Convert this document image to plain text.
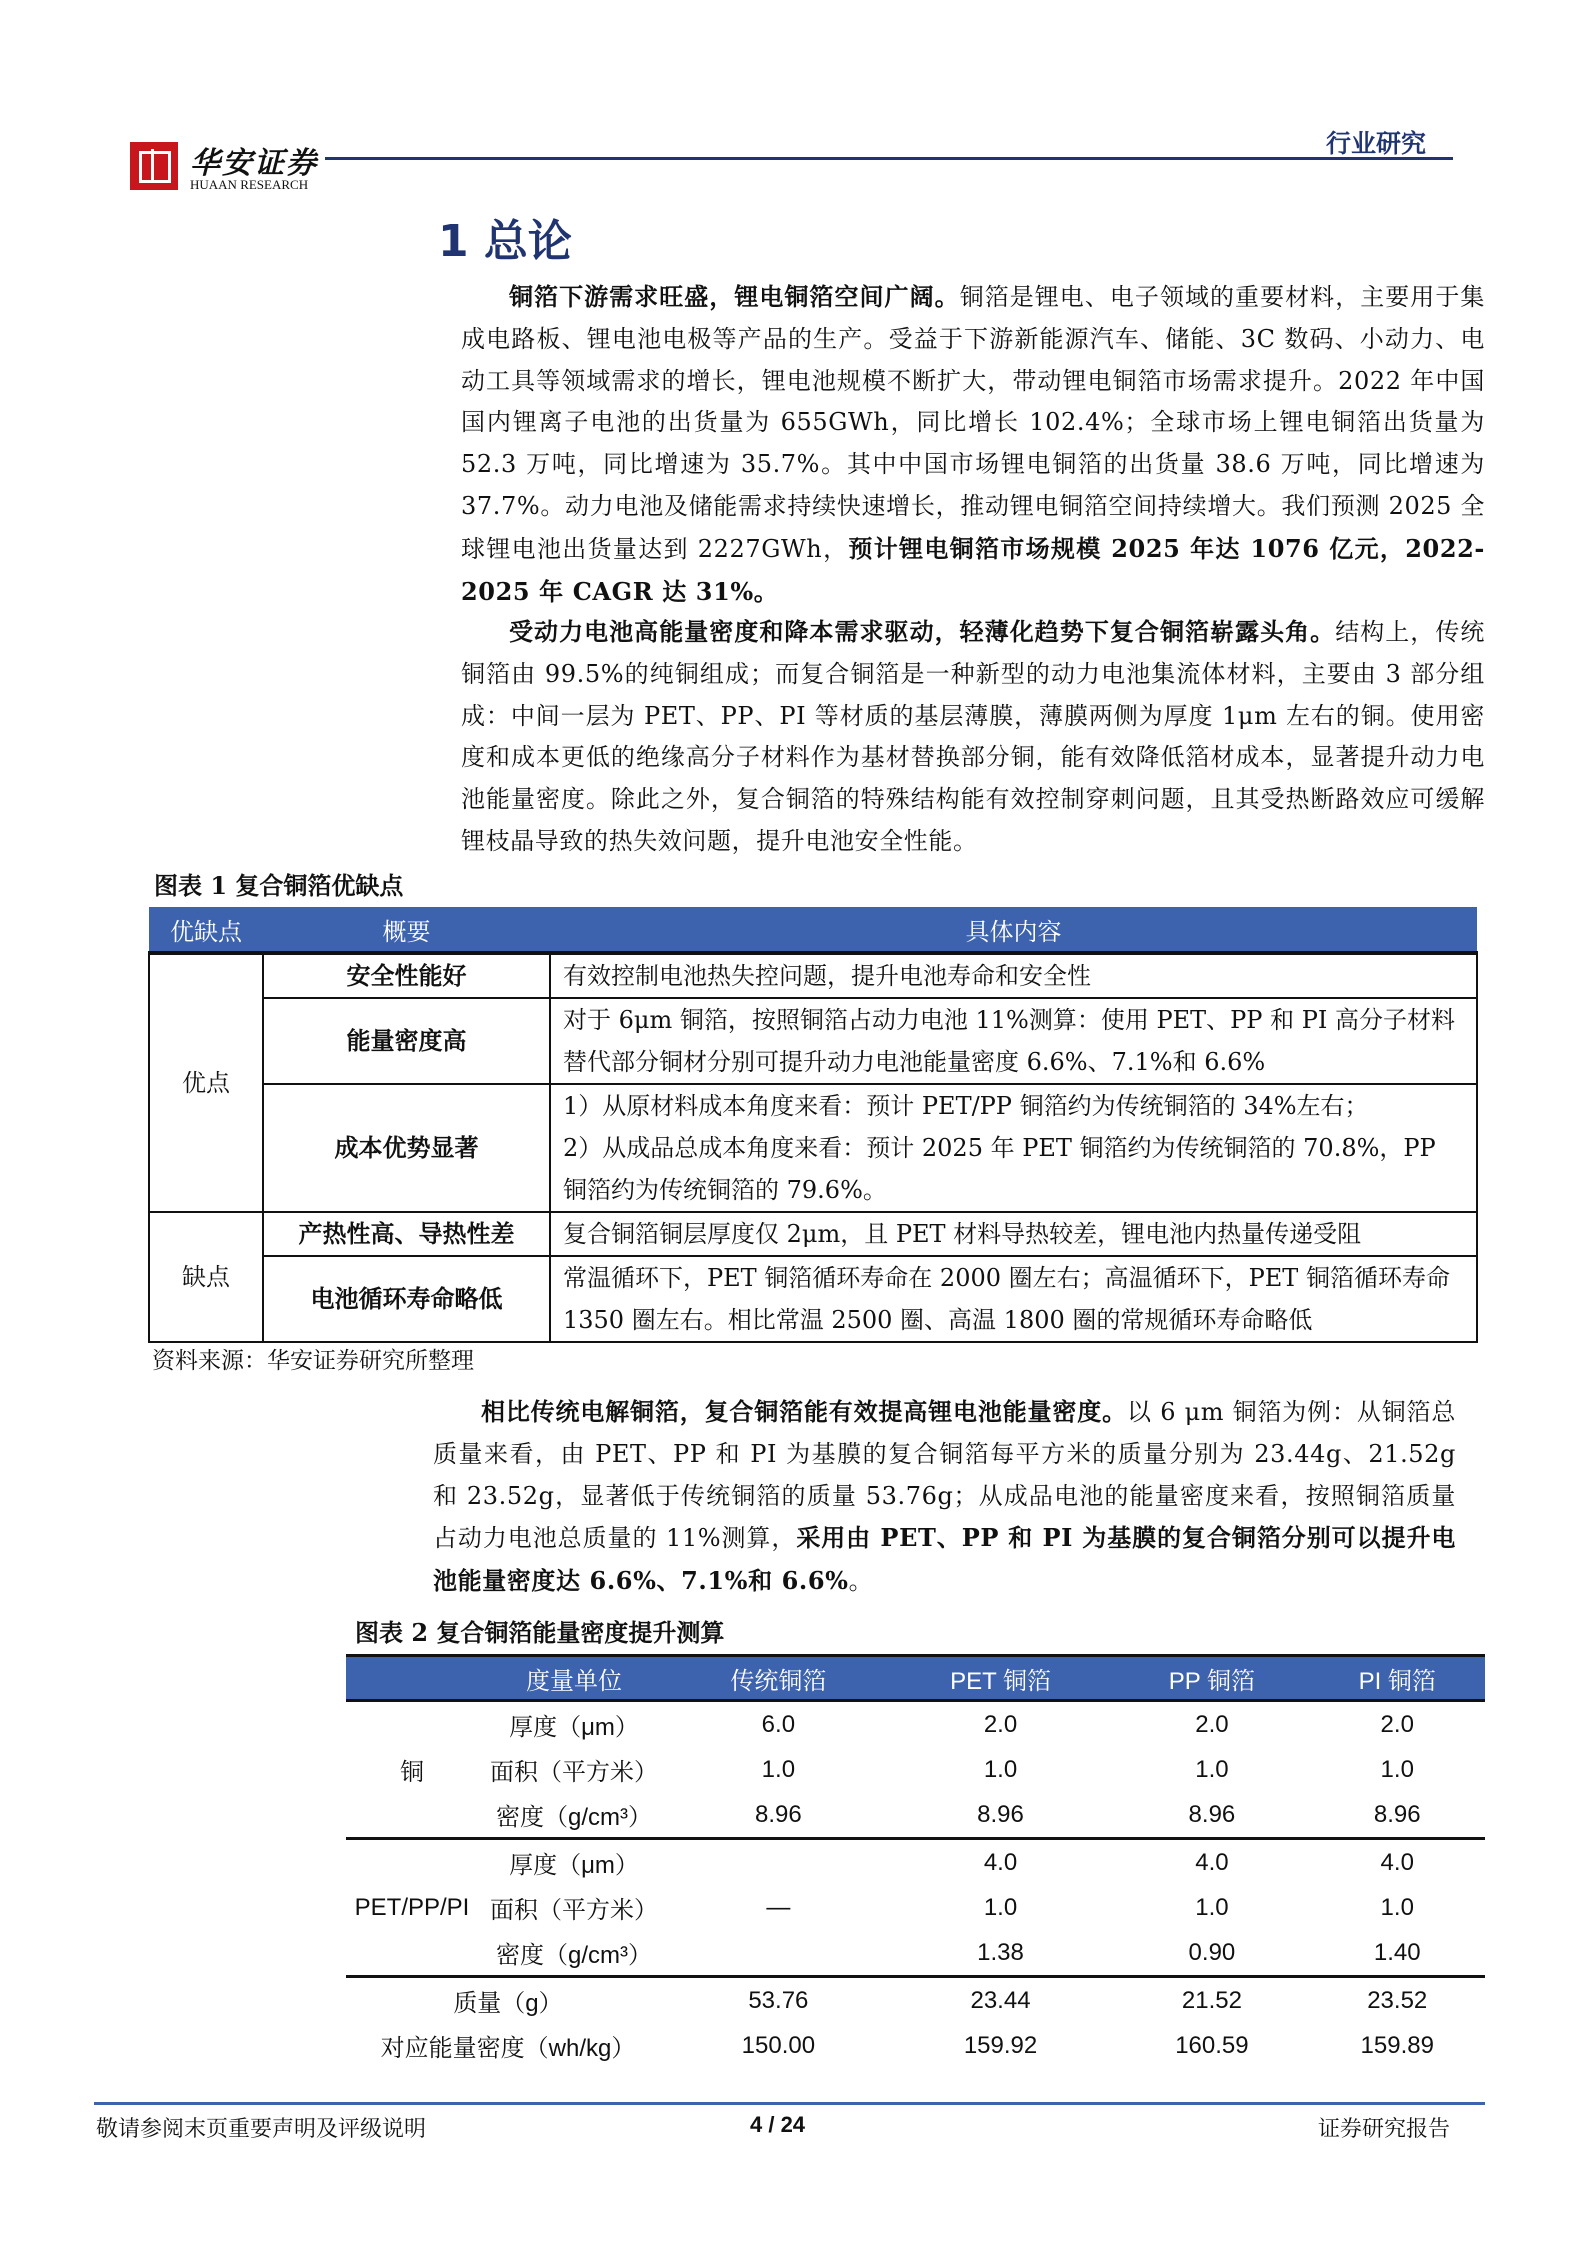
华安证券
HUAAN RESEARCH
行业研究
1 总论
铜箔下游需求旺盛，锂电铜箔空间广阔。铜箔是锂电、电子领域的重要材料，主要用于集成电路板、锂电池电极等产品的生产。受益于下游新能源汽车、储能、3C 数码、小动力、电动工具等领域需求的增长，锂电池规模不断扩大，带动锂电铜箔市场需求提升。2022 年中国国内锂离子电池的出货量为 655GWh，同比增长 102.4%；全球市场上锂电铜箔出货量为 52.3 万吨，同比增速为 35.7%。其中中国市场锂电铜箔的出货量 38.6 万吨，同比增速为 37.7%。动力电池及储能需求持续快速增长，推动锂电铜箔空间持续增大。我们预测 2025 全球锂电池出货量达到 2227GWh，预计锂电铜箔市场规模 2025 年达 1076 亿元，2022-2025 年 CAGR 达 31%。
受动力电池高能量密度和降本需求驱动，轻薄化趋势下复合铜箔崭露头角。结构上，传统铜箔由 99.5%的纯铜组成；而复合铜箔是一种新型的动力电池集流体材料，主要由 3 部分组成：中间一层为 PET、PP、PI 等材质的基层薄膜，薄膜两侧为厚度 1μm 左右的铜。使用密度和成本更低的绝缘高分子材料作为基材替换部分铜，能有效降低箔材成本，显著提升动力电池能量密度。除此之外，复合铜箔的特殊结构能有效控制穿刺问题，且其受热断路效应可缓解锂枝晶导致的热失效问题，提升电池安全性能。
图表 1 复合铜箔优缺点
优缺点	概要	具体内容
优点	安全性能好	有效控制电池热失控问题，提升电池寿命和安全性
	能量密度高	对于 6μm 铜箔，按照铜箔占动力电池 11%测算：使用 PET、PP 和 PI 高分子材料替代部分铜材分别可提升动力电池能量密度 6.6%、7.1%和 6.6%
	成本优势显著	1）从原材料成本角度来看：预计 PET/PP 铜箔约为传统铜箔的 34%左右；
2）从成品总成本角度来看：预计 2025 年 PET 铜箔约为传统铜箔的 70.8%，PP 铜箔约为传统铜箔的 79.6%。

缺点	产热性高、导热性差	复合铜箔铜层厚度仅 2μm，且 PET 材料导热较差，锂电池内热量传递受阻
	电池循环寿命略低	常温循环下，PET 铜箔循环寿命在 2000 圈左右；高温循环下，PET 铜箔循环寿命 1350 圈左右。相比常温 2500 圈、高温 1800 圈的常规循环寿命略低
资料来源：华安证券研究所整理
相比传统电解铜箔，复合铜箔能有效提高锂电池能量密度。以 6 μm 铜箔为例：从铜箔总质量来看，由 PET、PP 和 PI 为基膜的复合铜箔每平方米的质量分别为 23.44g、21.52g 和 23.52g，显著低于传统铜箔的质量 53.76g；从成品电池的能量密度来看，按照铜箔质量占动力电池总质量的 11%测算，采用由 PET、PP 和 PI 为基膜的复合铜箔分别可以提升电池能量密度达 6.6%、7.1%和 6.6%。
图表 2 复合铜箔能量密度提升测算
	度量单位	传统铜箔	PET 铜箔	PP 铜箔	PI 铜箔
铜	厚度（μm）	6.0	2.0	2.0	2.0
	面积（平方米）	1.0	1.0	1.0	1.0
	密度（g/cm³）	8.96	8.96	8.96	8.96
PET/PP/PI	厚度（μm）		4.0	4.0	4.0
	面积（平方米）	—	1.0	1.0	1.0
	密度（g/cm³）		1.38	0.90	1.40
质量（g）		53.76	23.44	21.52	23.52
对应能量密度（wh/kg）		150.00	159.92	160.59	159.89
敬请参阅末页重要声明及评级说明	4 / 24	证券研究报告
